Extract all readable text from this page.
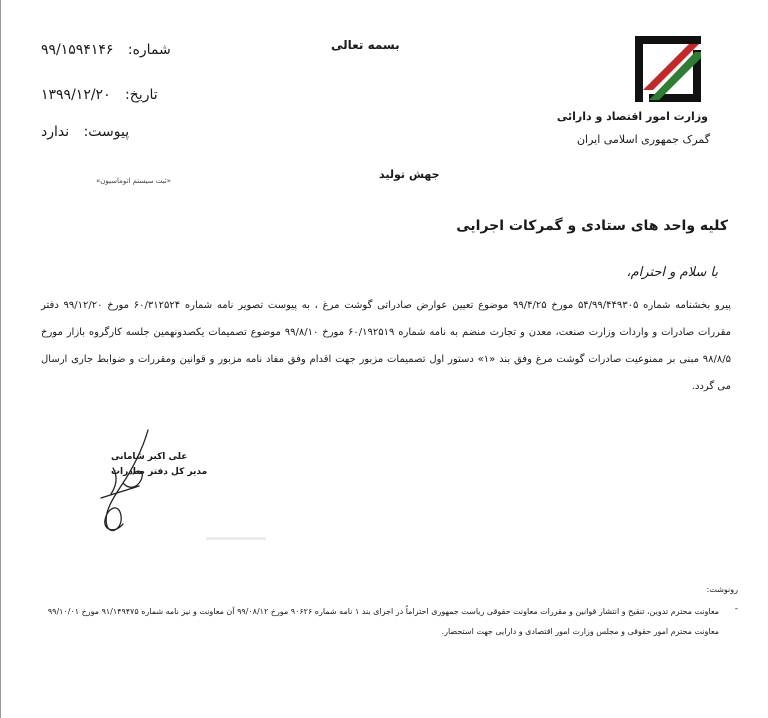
بسمه تعالی
شماره: ۹۹/۱۵۹۴۱۴۶
تاریخ: ۱۳۹۹/۱۲/۲۰
پیوست: ندارد
«ثبت سیستم اتوماسیون»
وزارت امور اقتصاد و دارائی
گمرک جمهوری اسلامی ایران
جهش تولید
کلیه واحد های ستادی و گمرکات اجرایی
با سلام و احترام،
پیرو بخشنامه شماره ۵۴/۹۹/۴۴۹۳۰۵ مورخ ۹۹/۴/۲۵ موضوع تعیین عوارض صادراتی گوشت مرغ ، به پیوست تصویر نامه شماره ۶۰/۳۱۲۵۲۴ مورخ ۹۹/۱۲/۲۰ دفتر مقررات صادرات و واردات وزارت صنعت، معدن و تجارت منضم به نامه شماره ۶۰/۱۹۲۵۱۹ مورخ ۹۹/۸/۱۰ موضوع تصمیمات یکصدونهمین جلسه کارگروه بازار مورخ ۹۸/۸/۵ مبنی بر ممنوعیت صادرات گوشت مرغ وفق بند «۱» دستور اول تصمیمات مزبور جهت اقدام وفق مفاد نامه مزبور و قوانین ومقررات و ضوابط جاری ارسال می گردد.
علی اکبر شامانی
مدیر کل دفتر صادرات
رونوشت:
-
معاونت محترم تدوین، تنقیح و انتشار قوانین و مقررات معاونت حقوقی ریاست جمهوری احتراماً در اجرای بند ۱ نامه شماره ۹۰۶۲۶ مورخ ۹۹/۰۸/۱۲ آن معاونت و نیز نامه شماره ۹۱/۱۴۹۴۷۵ مورخ ۹۹/۱۰/۰۱ معاونت محترم امور حقوقی و مجلس وزارت امور اقتصادی و دارایی جهت استحضار.
